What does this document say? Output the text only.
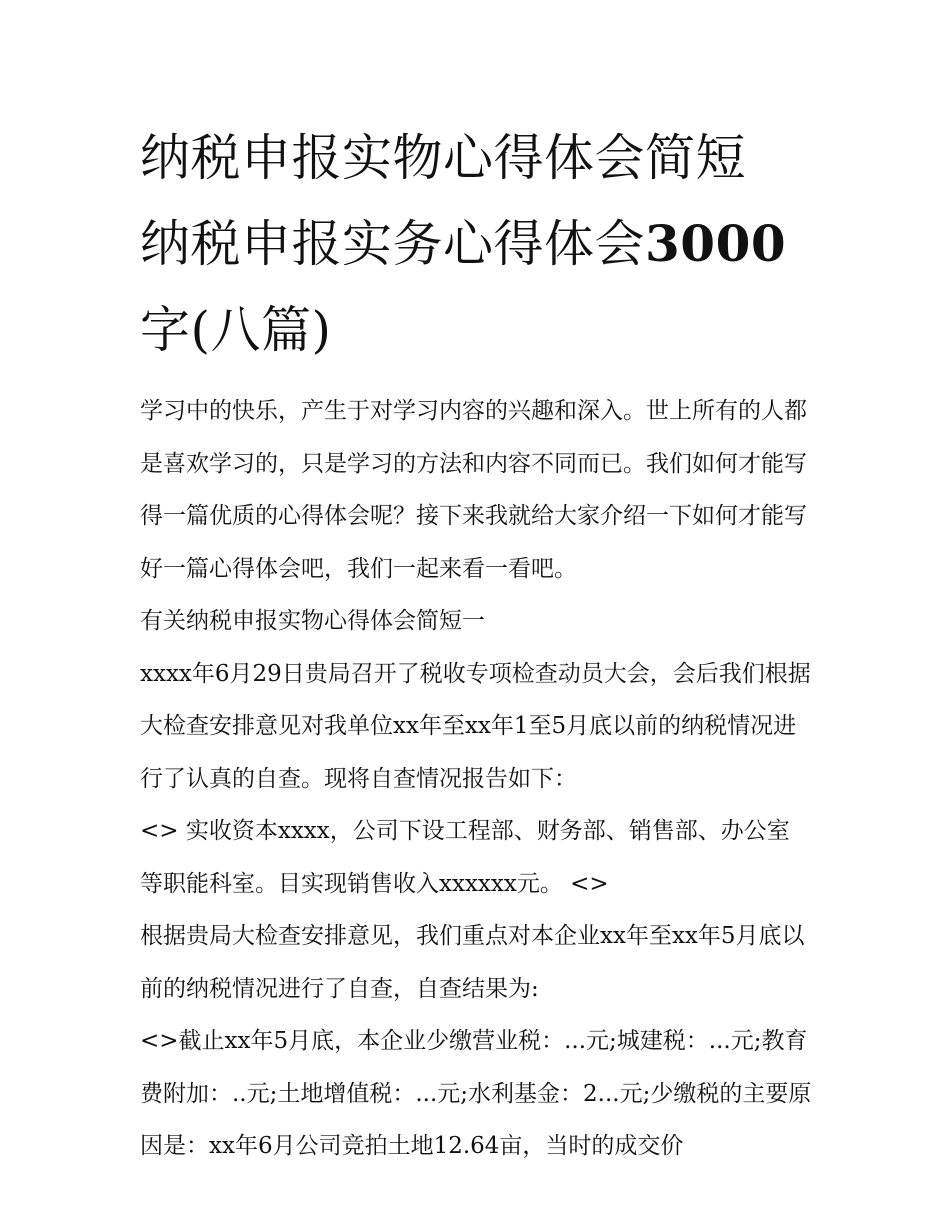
纳税申报实物心得体会简短 纳税申报实务心得体会3000字(八篇)

学习中的快乐，产生于对学习内容的兴趣和深入。世上所有的人都是喜欢学习的，只是学习的方法和内容不同而已。我们如何才能写得一篇优质的心得体会呢？接下来我就给大家介绍一下如何才能写好一篇心得体会吧，我们一起来看一看吧。

有关纳税申报实物心得体会简短一

xxxx年6月29日贵局召开了税收专项检查动员大会，会后我们根据大检查安排意见对我单位xx年至xx年1至5月底以前的纳税情况进行了认真的自查。现将自查情况报告如下：

<> 实收资本xxxx，公司下设工程部、财务部、销售部、办公室等职能科室。目实现销售收入xxxxxx元。 <>

根据贵局大检查安排意见，我们重点对本企业xx年至xx年5月底以前的纳税情况进行了自查，自查结果为:

<>截止xx年5月底，本企业少缴营业税：...元;城建税：...元;教育费附加：..元;土地增值税：...元;水利基金：2...元;少缴税的主要原因是：xx年6月公司竞拍土地12.64亩，当时的成交价
